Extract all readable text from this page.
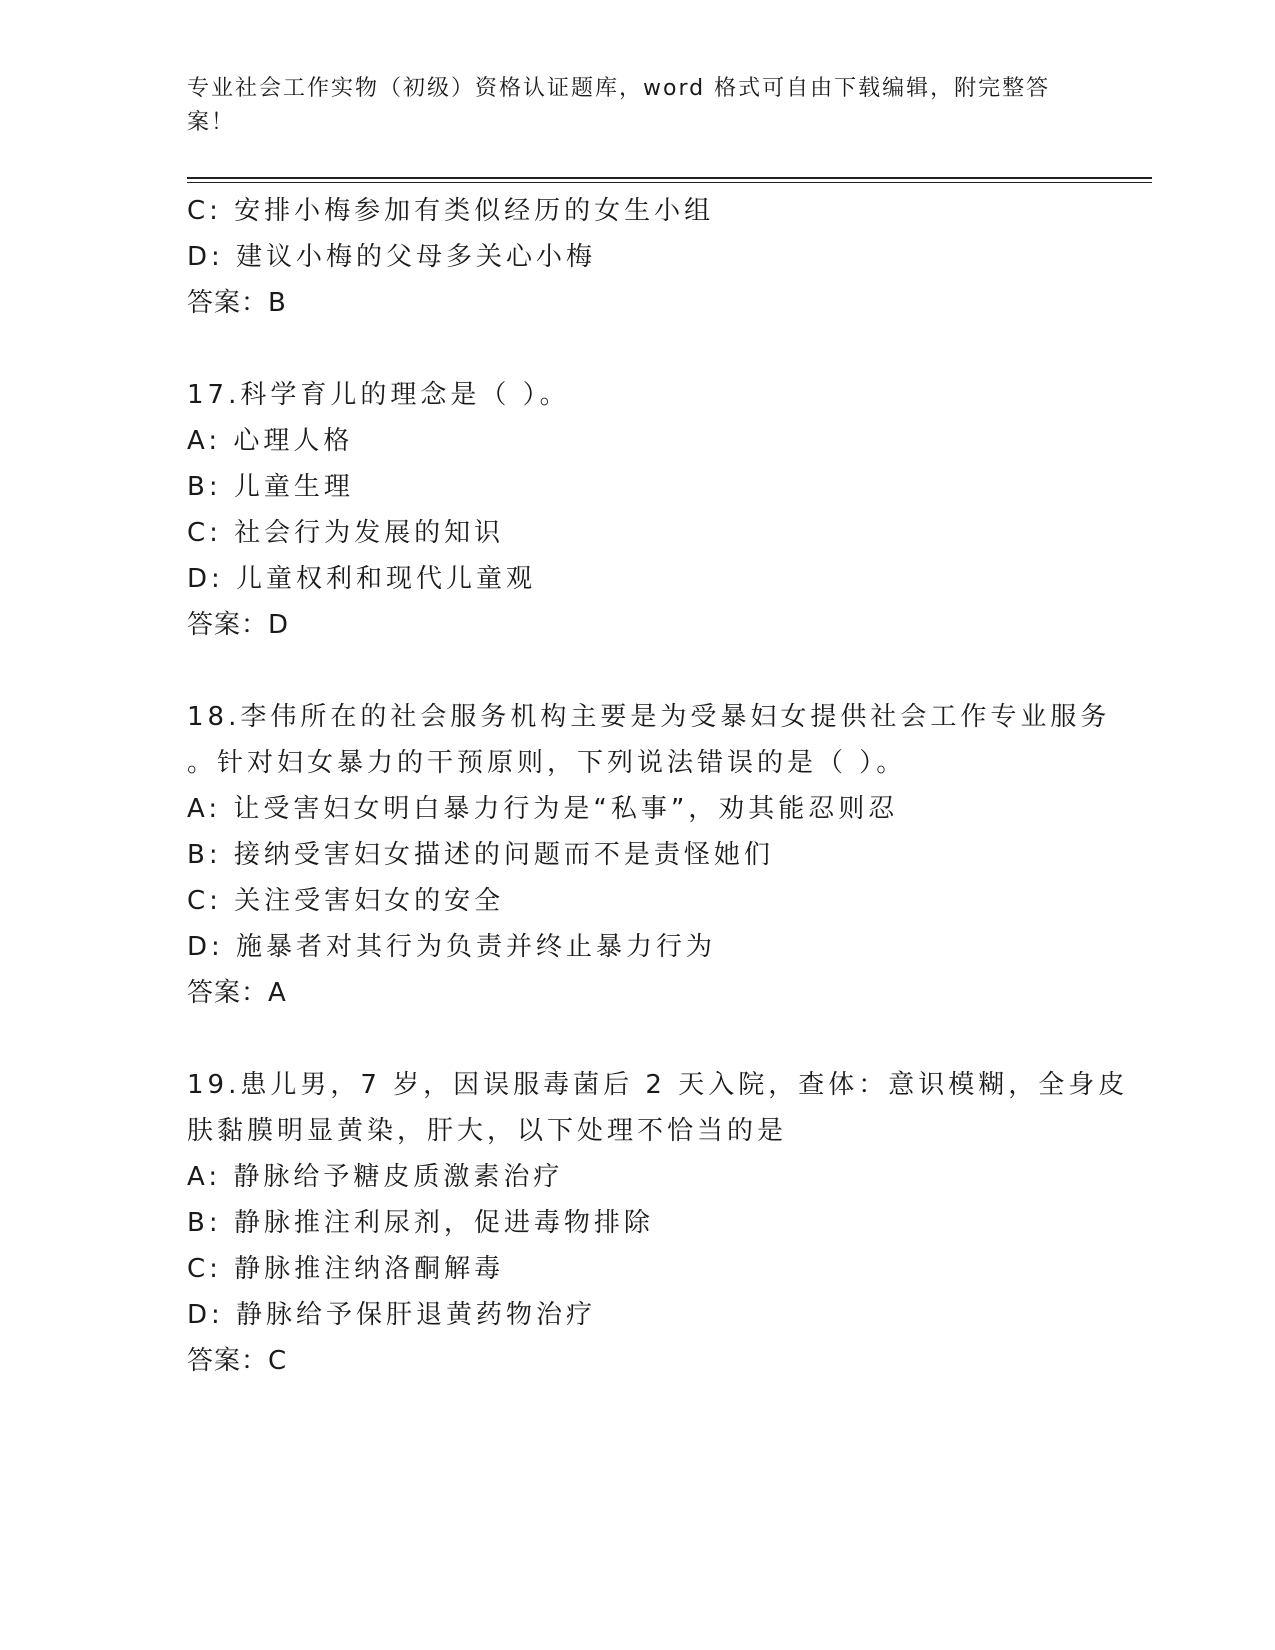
专业社会工作实物（初级）资格认证题库，word 格式可自由下载编辑，附完整答案！
C: 安排小梅参加有类似经历的女生小组
D: 建议小梅的父母多关心小梅
答案：B
17.科学育儿的理念是（ ）。
A: 心理人格
B: 儿童生理
C: 社会行为发展的知识
D: 儿童权利和现代儿童观
答案：D
18.李伟所在的社会服务机构主要是为受暴妇女提供社会工作专业服务
。针对妇女暴力的干预原则，下列说法错误的是（ ）。
A: 让受害妇女明白暴力行为是“私事”，劝其能忍则忍
B: 接纳受害妇女描述的问题而不是责怪她们
C: 关注受害妇女的安全
D: 施暴者对其行为负责并终止暴力行为
答案：A
19.患儿男，7 岁，因误服毒菌后 2 天入院，查体：意识模糊，全身皮
肤黏膜明显黄染，肝大，以下处理不恰当的是
A: 静脉给予糖皮质激素治疗
B: 静脉推注利尿剂，促进毒物排除
C: 静脉推注纳洛酮解毒
D: 静脉给予保肝退黄药物治疗
答案：C
